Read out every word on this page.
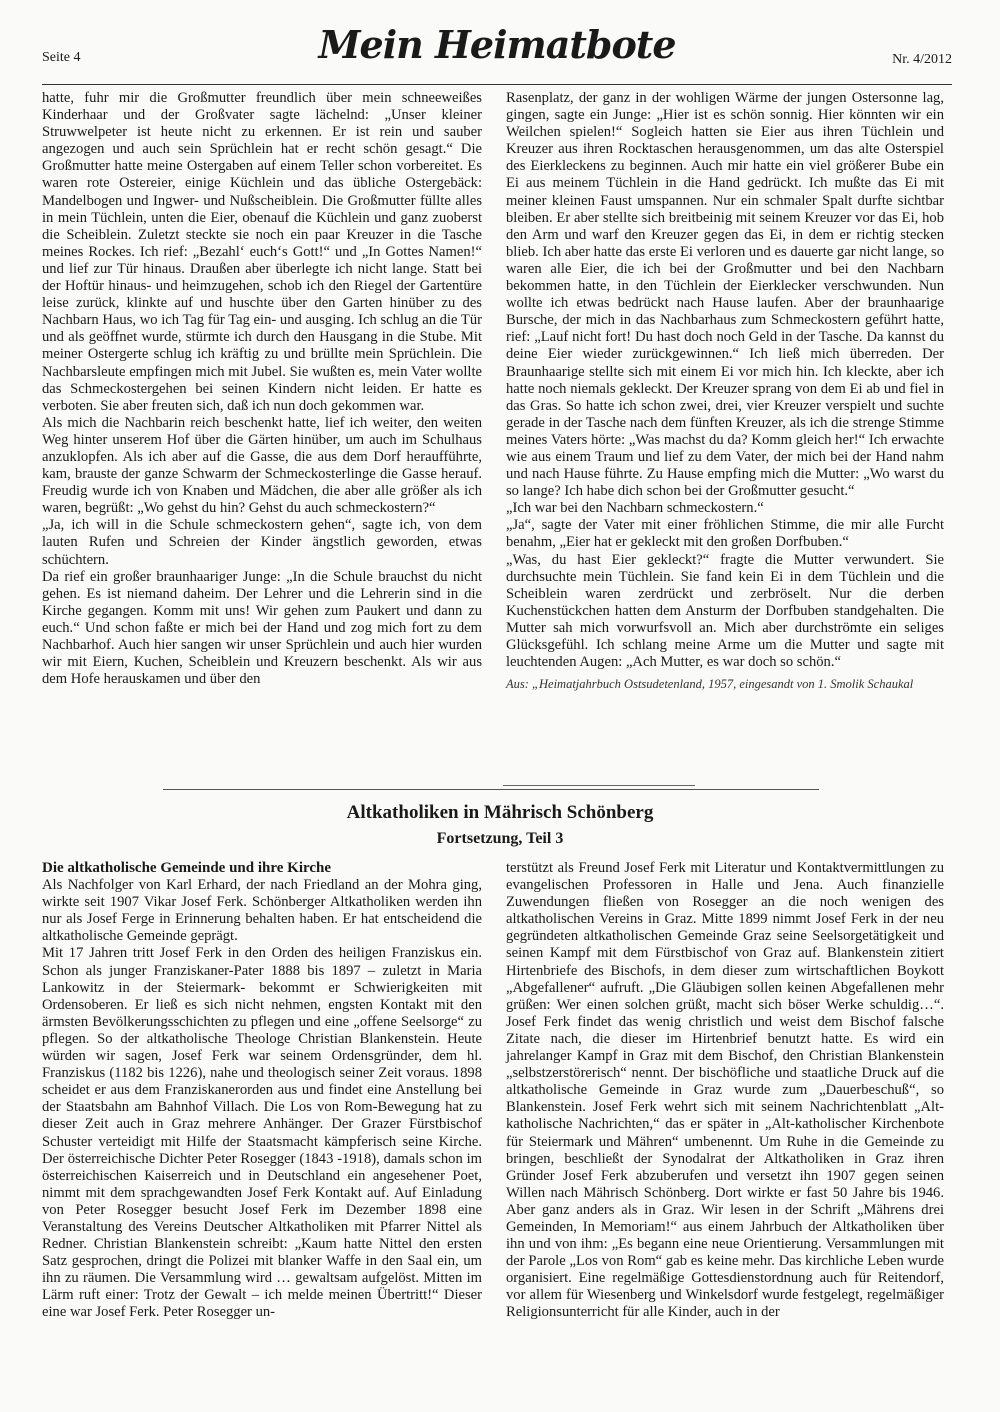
Seite 4	Mein Heimatbote	Nr. 4/2012

hatte, fuhr mir die Großmutter freundlich über mein schneeweißes Kinderhaar und der Großvater sagte lächelnd: „Unser kleiner Struwwelpeter ist heute nicht zu erkennen. Er ist rein und sauber angezogen und auch sein Sprüchlein hat er recht schön gesagt.“ Die Großmutter hatte meine Ostergaben auf einem Teller schon vorbereitet. Es waren rote Ostereier, einige Küchlein und das übliche Ostergebäck: Mandelbogen und Ingwer- und Nußscheiblein. Die Großmutter füllte alles in mein Tüchlein, unten die Eier, obenauf die Küchlein und ganz zuoberst die Scheiblein. Zuletzt steckte sie noch ein paar Kreuzer in die Tasche meines Rockes. Ich rief: „Bezahl‘ euch‘s Gott!“ und „In Gottes Namen!“ und lief zur Tür hinaus. Draußen aber überlegte ich nicht lange. Statt bei der Hoftür hinaus- und heimzugehen, schob ich den Riegel der Gartentüre leise zurück, klinkte auf und huschte über den Garten hinüber zu des Nachbarn Haus, wo ich Tag für Tag ein- und ausging. Ich schlug an die Tür und als geöffnet wurde, stürmte ich durch den Hausgang in die Stube. Mit meiner Ostergerte schlug ich kräftig zu und brüllte mein Sprüchlein. Die Nachbarsleute empfingen mich mit Jubel. Sie wußten es, mein Vater wollte das Schmeckostergehen bei seinen Kindern nicht leiden. Er hatte es verboten. Sie aber freuten sich, daß ich nun doch gekommen war.

Als mich die Nachbarin reich beschenkt hatte, lief ich weiter, den weiten Weg hinter unserem Hof über die Gärten hinüber, um auch im Schulhaus anzuklopfen. Als ich aber auf die Gasse, die aus dem Dorf heraufführte, kam, brauste der ganze Schwarm der Schmeckosterlinge die Gasse herauf. Freudig wurde ich von Knaben und Mädchen, die aber alle größer als ich waren, begrüßt: „Wo gehst du hin? Gehst du auch schmeckostern?“

„Ja, ich will in die Schule schmeckostern gehen“, sagte ich, von dem lauten Rufen und Schreien der Kinder ängstlich geworden, etwas schüchtern.

Da rief ein großer braunhaariger Junge: „In die Schule brauchst du nicht gehen. Es ist niemand daheim. Der Lehrer und die Lehrerin sind in die Kirche gegangen. Komm mit uns! Wir gehen zum Paukert und dann zu euch.“ Und schon faßte er mich bei der Hand und zog mich fort zu dem Nachbarhof. Auch hier sangen wir unser Sprüchlein und auch hier wurden wir mit Eiern, Kuchen, Scheiblein und Kreuzern beschenkt. Als wir aus dem Hofe herauskamen und über den

Rasenplatz, der ganz in der wohligen Wärme der jungen Ostersonne lag, gingen, sagte ein Junge: „Hier ist es schön sonnig. Hier könnten wir ein Weilchen spielen!“ Sogleich hatten sie Eier aus ihren Tüchlein und Kreuzer aus ihren Rocktaschen herausgenommen, um das alte Osterspiel des Eierkleckens zu beginnen. Auch mir hatte ein viel größerer Bube ein Ei aus meinem Tüchlein in die Hand gedrückt. Ich mußte das Ei mit meiner kleinen Faust umspannen. Nur ein schmaler Spalt durfte sichtbar bleiben. Er aber stellte sich breitbeinig mit seinem Kreuzer vor das Ei, hob den Arm und warf den Kreuzer gegen das Ei, in dem er richtig stecken blieb. Ich aber hatte das erste Ei verloren und es dauerte gar nicht lange, so waren alle Eier, die ich bei der Großmutter und bei den Nachbarn bekommen hatte, in den Tüchlein der Eierklecker verschwunden. Nun wollte ich etwas bedrückt nach Hause laufen. Aber der braunhaarige Bursche, der mich in das Nachbarhaus zum Schmeckostern geführt hatte, rief: „Lauf nicht fort! Du hast doch noch Geld in der Tasche. Da kannst du deine Eier wieder zurückgewinnen.“ Ich ließ mich überreden. Der Braunhaarige stellte sich mit einem Ei vor mich hin. Ich kleckte, aber ich hatte noch niemals gekleckt. Der Kreuzer sprang von dem Ei ab und fiel in das Gras. So hatte ich schon zwei, drei, vier Kreuzer verspielt und suchte gerade in der Tasche nach dem fünften Kreuzer, als ich die strenge Stimme meines Vaters hörte: „Was machst du da? Komm gleich her!“ Ich erwachte wie aus einem Traum und lief zu dem Vater, der mich bei der Hand nahm und nach Hause führte. Zu Hause empfing mich die Mutter: „Wo warst du so lange? Ich habe dich schon bei der Großmutter gesucht.“

„Ich war bei den Nachbarn schmeckostern.“

„Ja“, sagte der Vater mit einer fröhlichen Stimme, die mir alle Furcht benahm, „Eier hat er gekleckt mit den großen Dorfbuben.“

„Was, du hast Eier gekleckt?“ fragte die Mutter verwundert. Sie durchsuchte mein Tüchlein. Sie fand kein Ei in dem Tüchlein und die Scheiblein waren zerdrückt und zerbröselt. Nur die derben Kuchenstückchen hatten dem Ansturm der Dorfbuben standgehalten. Die Mutter sah mich vorwurfsvoll an. Mich aber durchströmte ein seliges Glücksgefühl. Ich schlang meine Arme um die Mutter und sagte mit leuchtenden Augen: „Ach Mutter, es war doch so schön.“

Aus: „Heimatjahrbuch Ostsudetenland, 1957, eingesandt von 1. Smolik Schaukal

Altkatholiken in Mährisch Schönberg
Fortsetzung, Teil 3

Die altkatholische Gemeinde und ihre Kirche

Als Nachfolger von Karl Erhard, der nach Friedland an der Mohra ging, wirkte seit 1907 Vikar Josef Ferk. Schönberger Altkatholiken werden ihn nur als Josef Ferge in Erinnerung behalten haben. Er hat entscheidend die altkatholische Gemeinde geprägt.

Mit 17 Jahren tritt Josef Ferk in den Orden des heiligen Franziskus ein. Schon als junger Franziskaner-Pater 1888 bis 1897 – zuletzt in Maria Lankowitz in der Steiermark- bekommt er Schwierigkeiten mit Ordensoberen. Er ließ es sich nicht nehmen, engsten Kontakt mit den ärmsten Bevölkerungsschichten zu pflegen und eine „offene Seelsorge“ zu pflegen. So der altkatholische Theologe Christian Blankenstein. Heute würden wir sagen, Josef Ferk war seinem Ordensgründer, dem hl. Franziskus (1182 bis 1226), nahe und theologisch seiner Zeit voraus. 1898 scheidet er aus dem Franziskanerorden aus und findet eine Anstellung bei der Staatsbahn am Bahnhof Villach. Die Los von Rom-Bewegung hat zu dieser Zeit auch in Graz mehrere Anhänger. Der Grazer Fürstbischof Schuster verteidigt mit Hilfe der Staatsmacht kämpferisch seine Kirche. Der österreichische Dichter Peter Rosegger (1843 -1918), damals schon im österreichischen Kaiserreich und in Deutschland ein angesehener Poet, nimmt mit dem sprachgewandten Josef Ferk Kontakt auf. Auf Einladung von Peter Rosegger besucht Josef Ferk im Dezember 1898 eine Veranstaltung des Vereins Deutscher Altkatholiken mit Pfarrer Nittel als Redner. Christian Blankenstein schreibt: „Kaum hatte Nittel den ersten Satz gesprochen, dringt die Polizei mit blanker Waffe in den Saal ein, um ihn zu räumen. Die Versammlung wird … gewaltsam aufgelöst. Mitten im Lärm ruft einer: Trotz der Gewalt – ich melde meinen Übertritt!“ Dieser eine war Josef Ferk. Peter Rosegger un-

terstützt als Freund Josef Ferk mit Literatur und Kontaktvermittlungen zu evangelischen Professoren in Halle und Jena. Auch finanzielle Zuwendungen fließen von Rosegger an die noch wenigen des altkatholischen Vereins in Graz. Mitte 1899 nimmt Josef Ferk in der neu gegründeten altkatholischen Gemeinde Graz seine Seelsorgetätigkeit und seinen Kampf mit dem Fürstbischof von Graz auf. Blankenstein zitiert Hirtenbriefe des Bischofs, in dem dieser zum wirtschaftlichen Boykott „Abgefallener“ aufruft. „Die Gläubigen sollen keinen Abgefallenen mehr grüßen: Wer einen solchen grüßt, macht sich böser Werke schuldig…“. Josef Ferk findet das wenig christlich und weist dem Bischof falsche Zitate nach, die dieser im Hirtenbrief benutzt hatte. Es wird ein jahrelanger Kampf in Graz mit dem Bischof, den Christian Blankenstein „selbstzerstörerisch“ nennt. Der bischöfliche und staatliche Druck auf die altkatholische Gemeinde in Graz wurde zum „Dauerbeschuß“, so Blankenstein. Josef Ferk wehrt sich mit seinem Nachrichtenblatt „Alt-katholische Nachrichten,“ das er später in „Alt-katholischer Kirchenbote für Steiermark und Mähren“ umbenennt. Um Ruhe in die Gemeinde zu bringen, beschließt der Synodalrat der Altkatholiken in Graz ihren Gründer Josef Ferk abzuberufen und versetzt ihn 1907 gegen seinen Willen nach Mährisch Schönberg. Dort wirkte er fast 50 Jahre bis 1946. Aber ganz anders als in Graz. Wir lesen in der Schrift „Mährens drei Gemeinden, In Memoriam!“ aus einem Jahrbuch der Altkatholiken über ihn und von ihm: „Es begann eine neue Orientierung. Versammlungen mit der Parole „Los von Rom“ gab es keine mehr. Das kirchliche Leben wurde organisiert. Eine regelmäßige Gottesdienstordnung auch für Reitendorf, vor allem für Wiesenberg und Winkelsdorf wurde festgelegt, regelmäßiger Religionsunterricht für alle Kinder, auch in der
